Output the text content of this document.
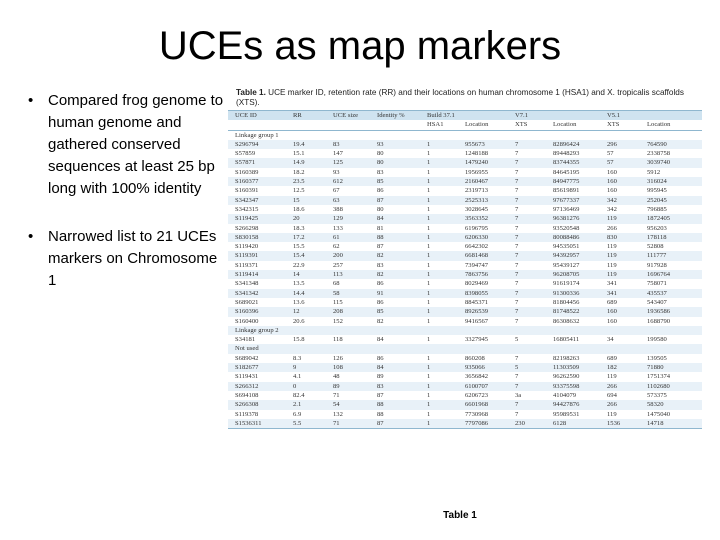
UCEs as map markers
• Compared frog genome to human genome and gathered conserved sequences at least 25 bp long with 100% identity
• Narrowed list to 21 UCEs markers on Chromosome 1
Table 1. UCE marker ID, retention rate (RR) and their locations on human chromosome 1 (HSA1) and X. tropicalis scaffolds (XTS).
UCE ID	RR	UCE size	Identity %	Build 37.1		V7.1		V5.1	
				HSA1	Location	XTS	Location	XTS	Location
Linkage group 1									
S296794	19.4	83	93	1	955673	7	82896424	296	764590
S57859	15.1	147	80	1	1248188	7	89448293	57	2338758
S57871	14.9	125	80	1	1479240	7	83744355	57	3039740
S160389	18.2	93	83	1	1956955	7	84645195	160	5912
S160377	23.5	612	85	1	2160467	7	84947775	160	316024
S160391	12.5	67	86	1	2319713	7	85619891	160	995945
S342347	15	63	87	1	2525313	7	97677337	342	252045
S342315	18.6	388	80	1	3028645	7	97136469	342	796885
S119425	20	129	84	1	3563352	7	96381276	119	1872405
S266298	18.3	133	81	1	6196795	7	93520548	266	956203
S830158	17.2	61	88	1	6206330	7	80088486	830	178118
S119420	15.5	62	87	1	6642302	7	94535051	119	52808
S119391	15.4	200	82	1	6681468	7	94392957	119	111777
S119371	22.9	257	83	1	7394747	7	95439127	119	917928
S119414	14	113	82	1	7863756	7	96208705	119	1696764
S341348	13.5	68	86	1	8029469	7	91619174	341	758071
S341342	14.4	58	91	1	8398055	7	91300336	341	435537
S689021	13.6	115	86	1	8845371	7	81804456	689	543407
S160396	12	208	85	1	8926539	7	81748522	160	1936586
S160400	20.6	152	82	1	9416567	7	86308632	160	1688790
Linkage group 2									
S34181	15.8	118	84	1	3327945	5	16805411	34	199580
Not used									
S689042	8.3	126	86	1	860208	7	82198263	689	139505
S182677	9	108	84	1	935066	5	11303509	182	71880
S119431	4.1	48	89	1	3656842	7	96262590	119	1751374
S266312	0	89	83	1	6100707	7	93375598	266	1102680
S694108	82.4	71	87	1	6206723	3a	4104079	694	573375
S266308	2.1	54	88	1	6601968	7	94427876	266	58320
S119378	6.9	132	88	1	7730968	7	95989531	119	1475040
S1536311	5.5	71	87	1	7797086	230	6128	1536	14718
Table 1
